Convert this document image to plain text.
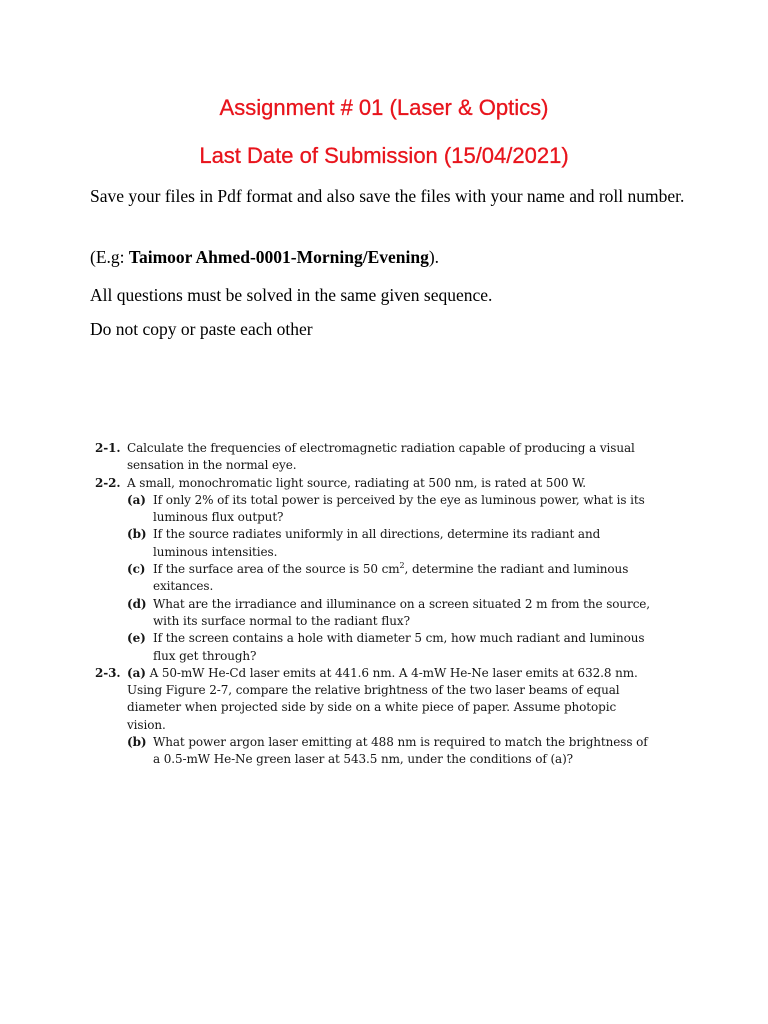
Assignment # 01 (Laser & Optics)
Last Date of Submission (15/04/2021)

Save your files in Pdf format and also save the files with your name and roll number.

(E.g: Taimoor Ahmed-0001-Morning/Evening).

All questions must be solved in the same given sequence.

Do not copy or paste each other

2-1. Calculate the frequencies of electromagnetic radiation capable of producing a visual sensation in the normal eye.
2-2. A small, monochromatic light source, radiating at 500 nm, is rated at 500 W.
(a) If only 2% of its total power is perceived by the eye as luminous power, what is its luminous flux output?
(b) If the source radiates uniformly in all directions, determine its radiant and luminous intensities.
(c) If the surface area of the source is 50 $cm^2$, determine the radiant and luminous exitances.
(d) What are the irradiance and illuminance on a screen situated 2 m from the source, with its surface normal to the radiant flux?
(e) If the screen contains a hole with diameter 5 cm, how much radiant and luminous flux get through?
2-3. (a) A 50-mW He-Cd laser emits at 441.6 nm. A 4-mW He-Ne laser emits at 632.8 nm. Using Figure 2-7, compare the relative brightness of the two laser beams of equal diameter when projected side by side on a white piece of paper. Assume photopic vision.
(b) What power argon laser emitting at 488 nm is required to match the brightness of a 0.5-mW He-Ne green laser at 543.5 nm, under the conditions of (a)?
